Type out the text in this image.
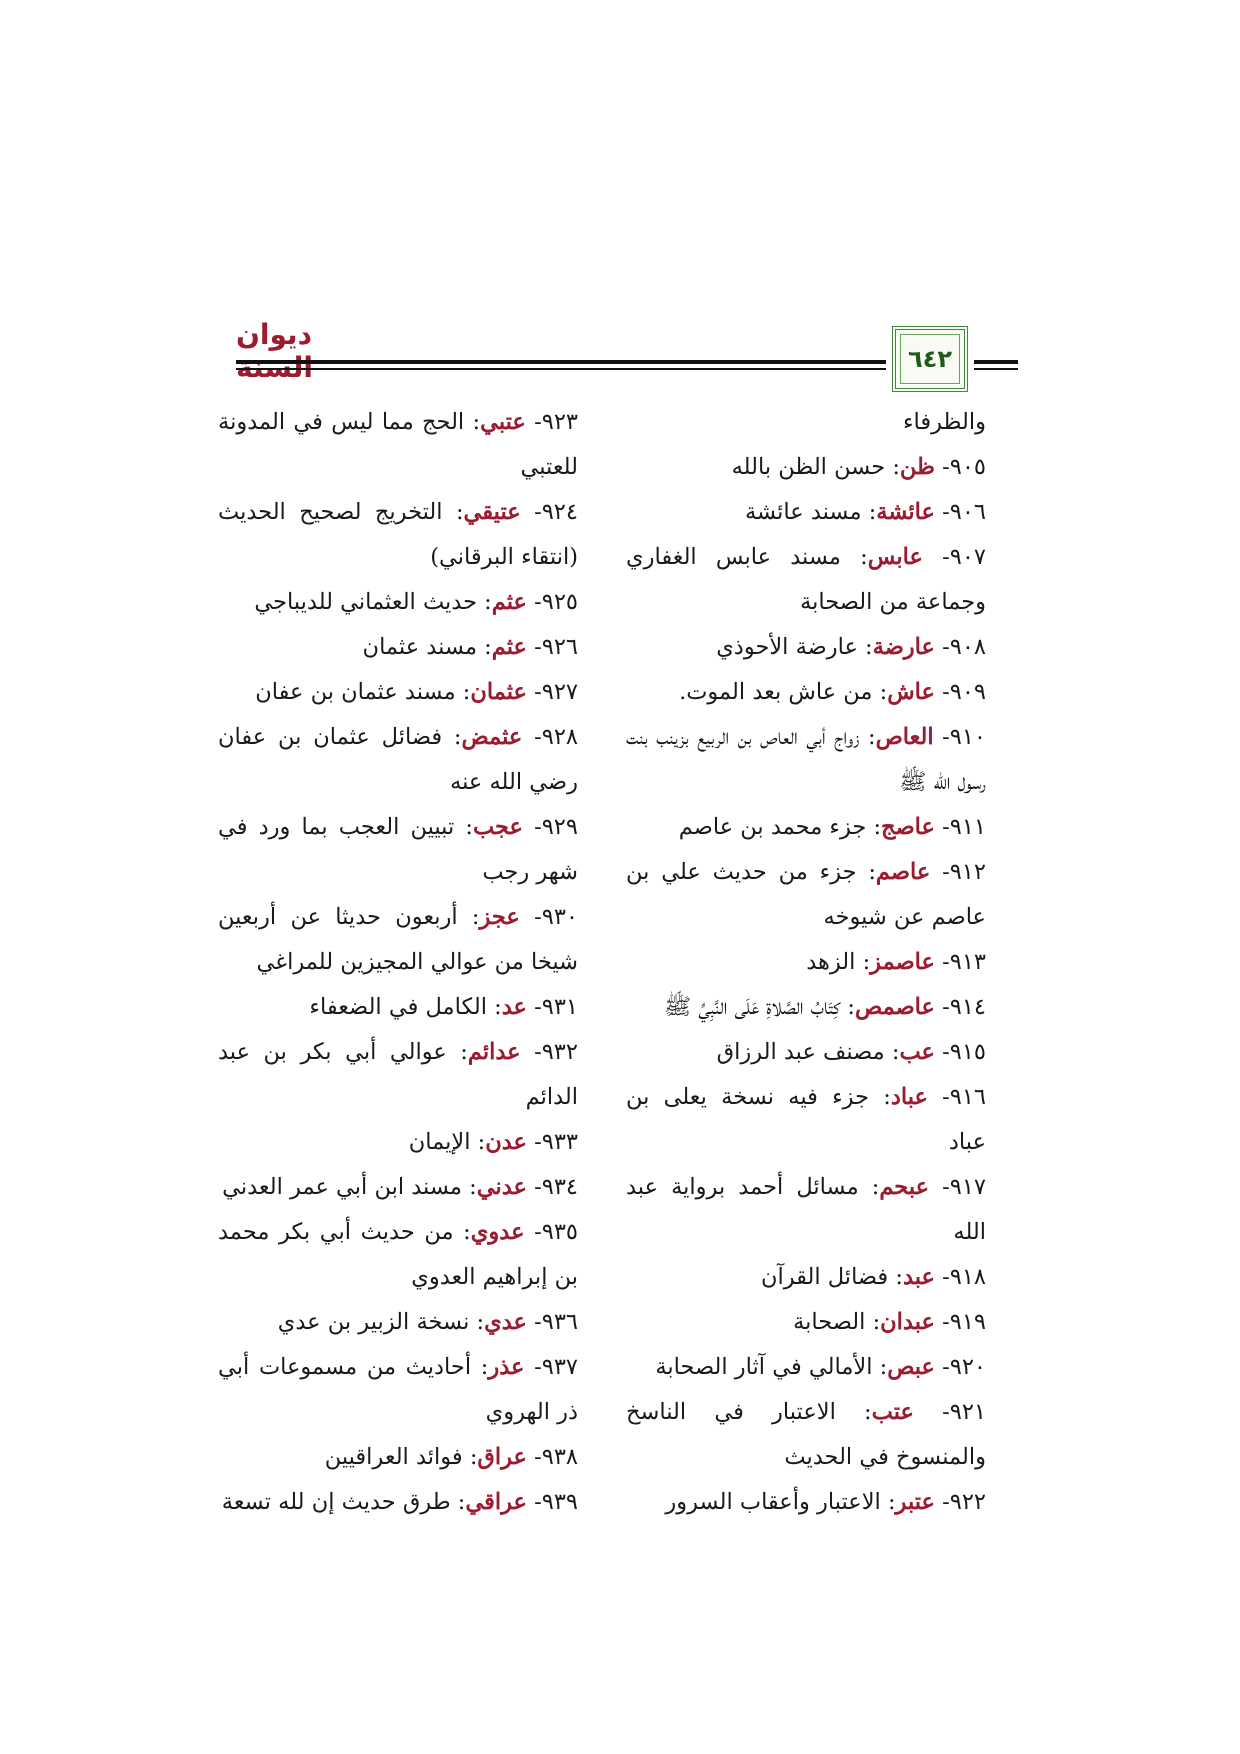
ديوان السنة	٦٤٢

والظرفاء

٩٠٥- ظن: حسن الظن بالله

٩٠٦- عائشة: مسند عائشة

٩٠٧- عابس: مسند عابس الغفاري وجماعة من الصحابة

٩٠٨- عارضة: عارضة الأحوذي

٩٠٩- عاش: من عاش بعد الموت.

٩١٠- العاص: زواج أبي العاص بن الربيع بزينب بنت رسول الله ﷺ

٩١١- عاصج: جزء محمد بن عاصم

٩١٢- عاصم: جزء من حديث علي بن عاصم عن شيوخه

٩١٣- عاصمز: الزهد

٩١٤- عاصمص: كِتَابُ الصَّلاةِ عَلَى النَّبِيِّ ﷺ

٩١٥- عب: مصنف عبد الرزاق

٩١٦- عباد: جزء فيه نسخة يعلى بن عباد

٩١٧- عبحم: مسائل أحمد برواية عبد الله

٩١٨- عبد: فضائل القرآن

٩١٩- عبدان: الصحابة

٩٢٠- عبص: الأمالي في آثار الصحابة

٩٢١- عتب: الاعتبار في الناسخ والمنسوخ في الحديث

٩٢٢- عتبر: الاعتبار وأعقاب السرور

٩٢٣- عتبي: الحج مما ليس في المدونة للعتبي

٩٢٤- عتيقي: التخريج لصحيح الحديث (انتقاء البرقاني)

٩٢٥- عثم: حديث العثماني للديباجي

٩٢٦- عثم: مسند عثمان

٩٢٧- عثمان: مسند عثمان بن عفان

٩٢٨- عثمض: فضائل عثمان بن عفان رضي الله عنه

٩٢٩- عجب: تبيين العجب بما ورد في شهر رجب

٩٣٠- عجز: أربعون حديثا عن أربعين شيخا من عوالي المجيزين للمراغي

٩٣١- عد: الكامل في الضعفاء

٩٣٢- عدائم: عوالي أبي بكر بن عبد الدائم

٩٣٣- عدن: الإيمان

٩٣٤- عدني: مسند ابن أبي عمر العدني

٩٣٥- عدوي: من حديث أبي بكر محمد بن إبراهيم العدوي

٩٣٦- عدي: نسخة الزبير بن عدي

٩٣٧- عذر: أحاديث من مسموعات أبي ذر الهروي

٩٣٨- عراق: فوائد العراقيين

٩٣٩- عراقي: طرق حديث إن لله تسعة
